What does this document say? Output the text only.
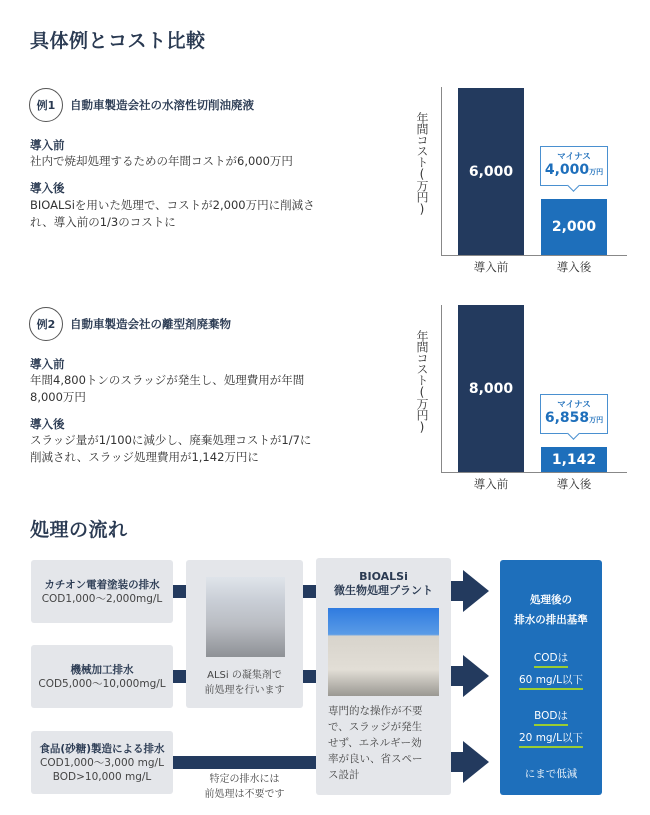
具体例とコスト比較
例1	自動車製造会社の水溶性切削油廃液
導入前
社内で焼却処理するための年間コストが6,000万円
導入後
BIOALSiを用いた処理で、コストが2,000万円に削減さ
れ、導入前の1/3のコストに
年間コスト(万円)	6,000
2,000
マイナス
4,000万円
導入前	導入後
例2	自動車製造会社の離型剤廃棄物
導入前
年間4,800トンのスラッジが発生し、処理費用が年間
8,000万円
導入後
スラッジ量が1/100に減少し、廃棄処理コストが1/7に
削減され、スラッジ処理費用が1,142万円に
年間コスト(万円)	8,000
1,142
マイナス
6,858万円
導入前	導入後
処理の流れ
カチオン電着塗装の排水
COD1,000〜2,000mg/L
機械加工排水
COD5,000〜10,000mg/L
食品(砂糖)製造による排水
COD1,000〜3,000 mg/L
BOD>10,000 mg/L
ALSi の凝集剤で
前処理を行います
特定の排水には
前処理は不要です
BIOALSi
微生物処理プラント
専門的な操作が不要
で、スラッジが発生
せず、エネルギー効
率が良い、省スペー
ス設計
処理後の
排水の排出基準
CODは
60 mg/L以下
BODは
20 mg/L以下
にまで低減
